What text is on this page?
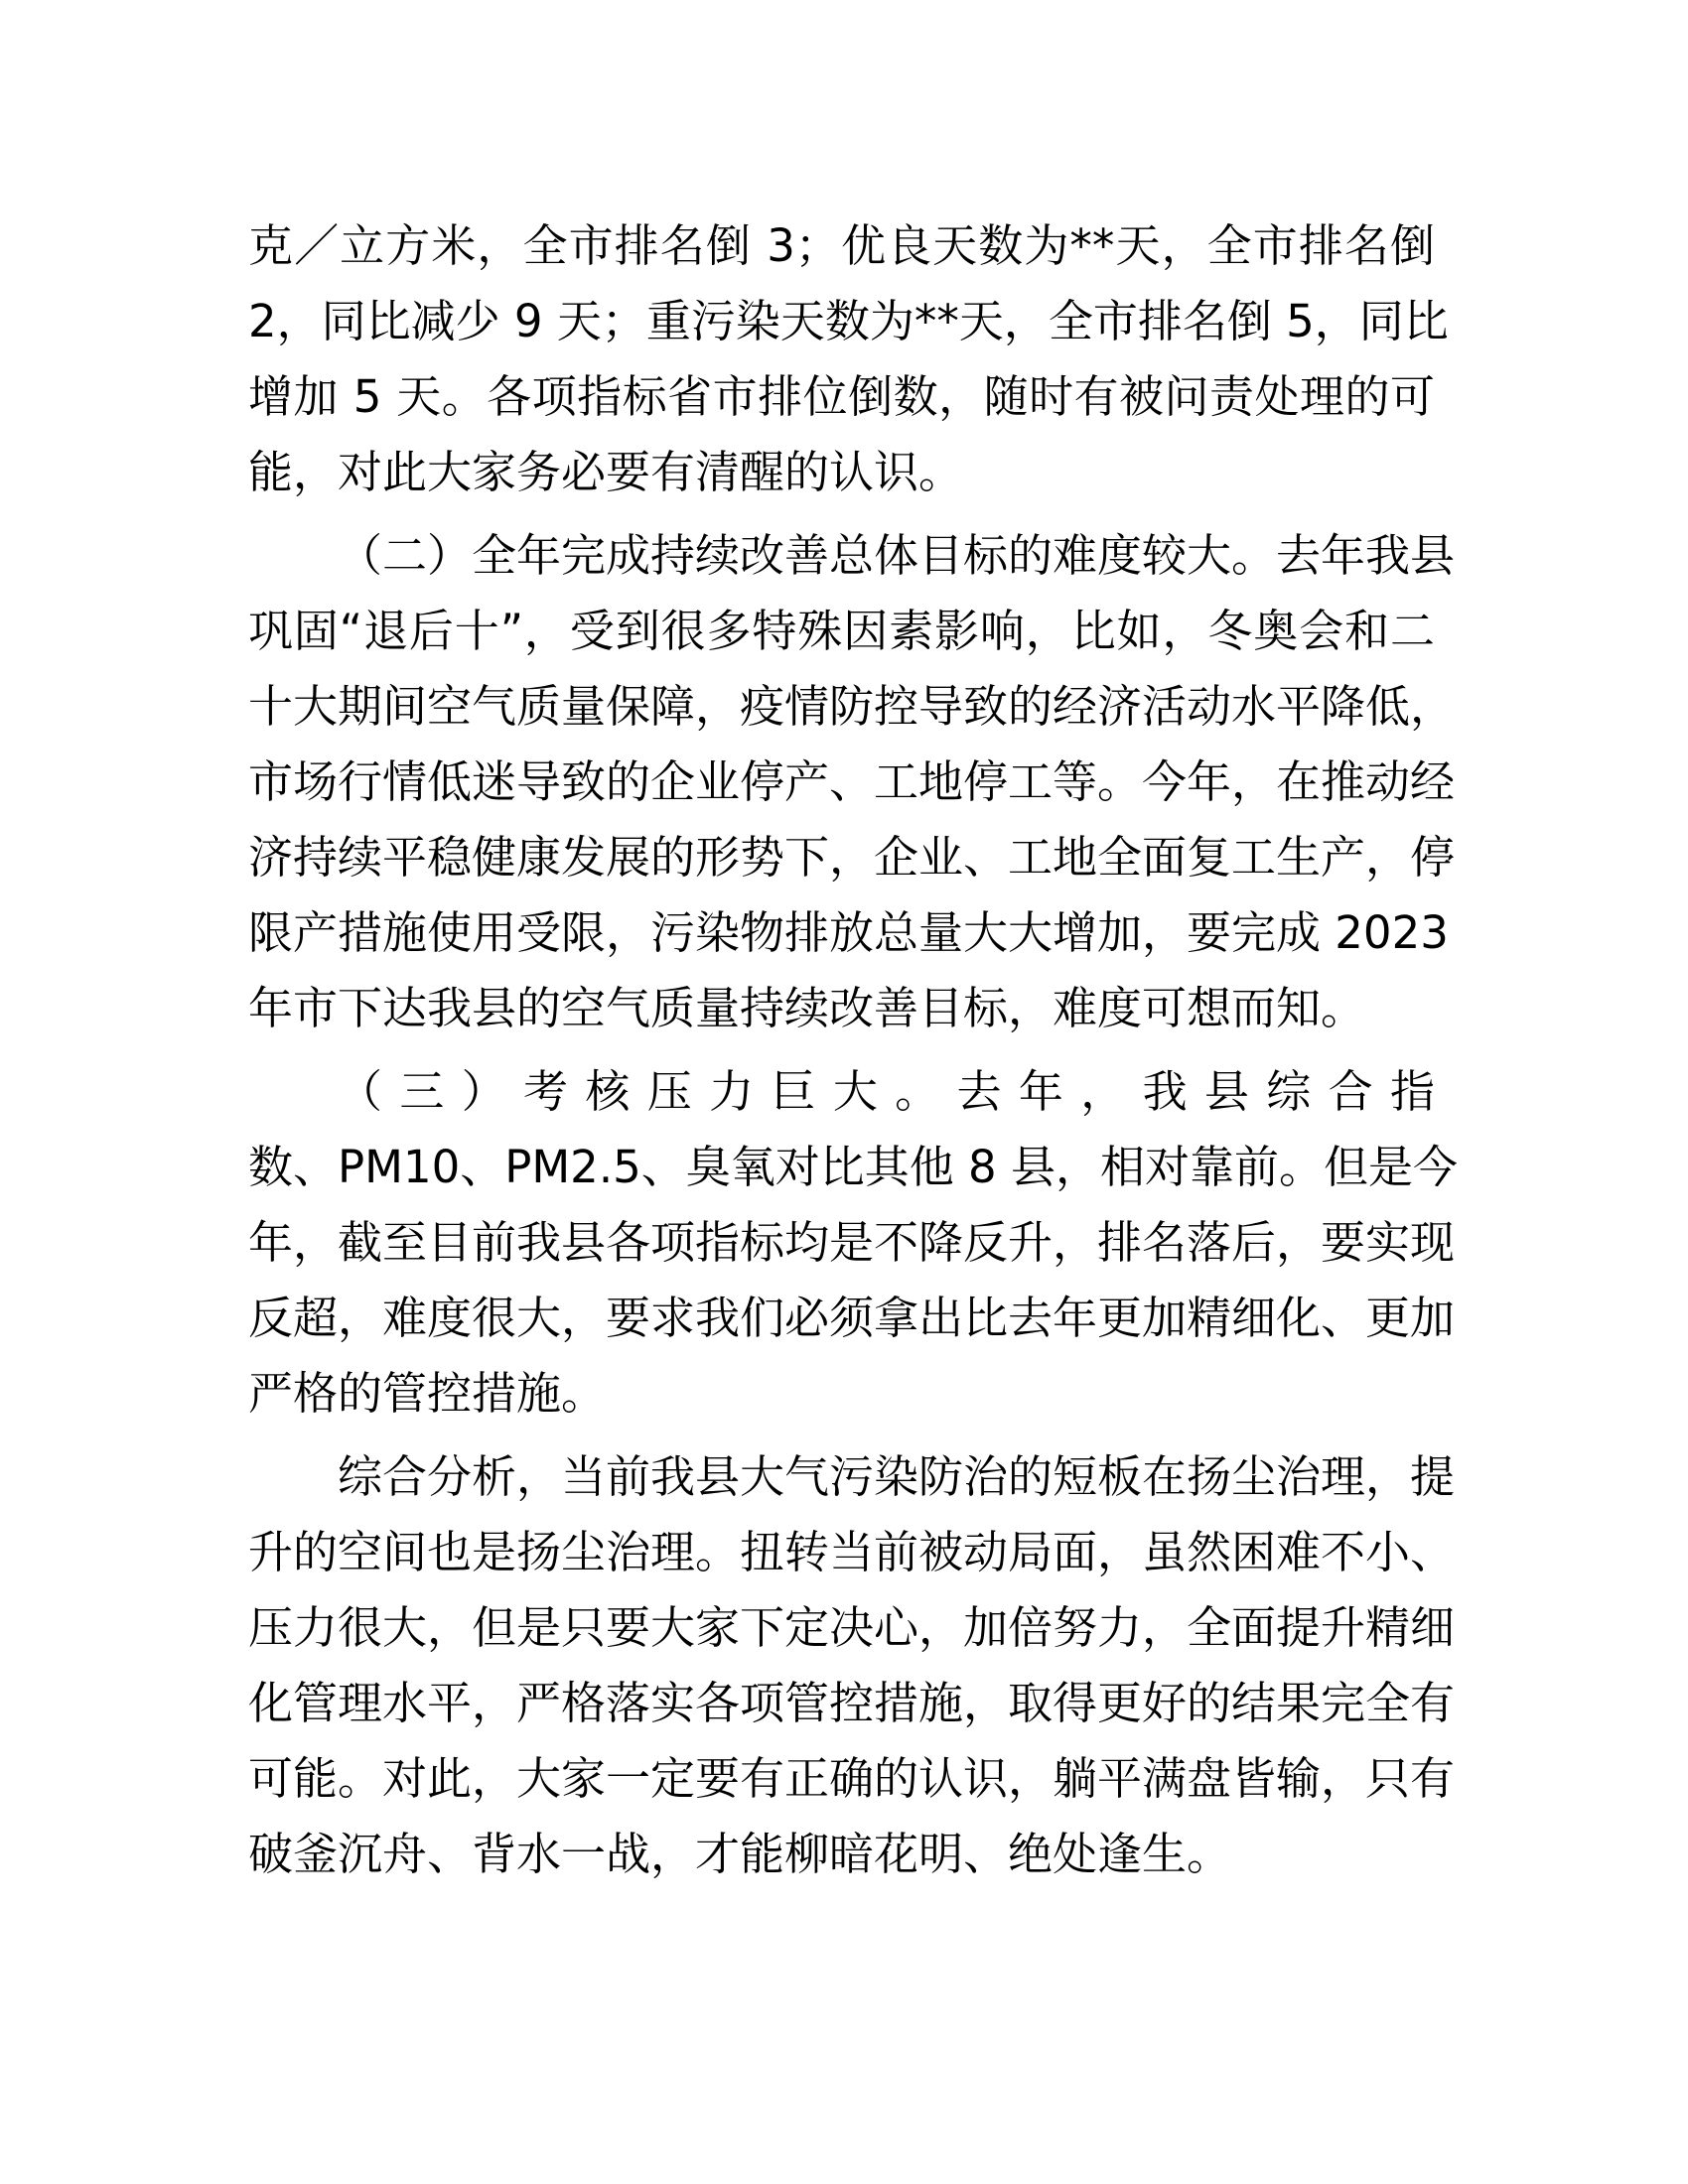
克／立方米，全市排名倒 3；优良天数为**天，全市排名倒
2，同比减少 9 天；重污染天数为**天，全市排名倒 5，同比
增加 5 天。各项指标省市排位倒数，随时有被问责处理的可
能，对此大家务必要有清醒的认识。
（二）全年完成持续改善总体目标的难度较大。去年我县
巩固“退后十”，受到很多特殊因素影响，比如，冬奥会和二
十大期间空气质量保障，疫情防控导致的经济活动水平降低，
市场行情低迷导致的企业停产、工地停工等。今年，在推动经
济持续平稳健康发展的形势下，企业、工地全面复工生产，停
限产措施使用受限，污染物排放总量大大增加，要完成 2023
年市下达我县的空气质量持续改善目标，难度可想而知。
（三）考核压力巨大。去年，我县综合指
数、PM10、PM2.5、臭氧对比其他 8 县，相对靠前。但是今
年，截至目前我县各项指标均是不降反升，排名落后，要实现
反超，难度很大，要求我们必须拿出比去年更加精细化、更加
严格的管控措施。
综合分析，当前我县大气污染防治的短板在扬尘治理，提
升的空间也是扬尘治理。扭转当前被动局面，虽然困难不小、
压力很大，但是只要大家下定决心，加倍努力，全面提升精细
化管理水平，严格落实各项管控措施，取得更好的结果完全有
可能。对此，大家一定要有正确的认识，躺平满盘皆输，只有
破釜沉舟、背水一战，才能柳暗花明、绝处逢生。
